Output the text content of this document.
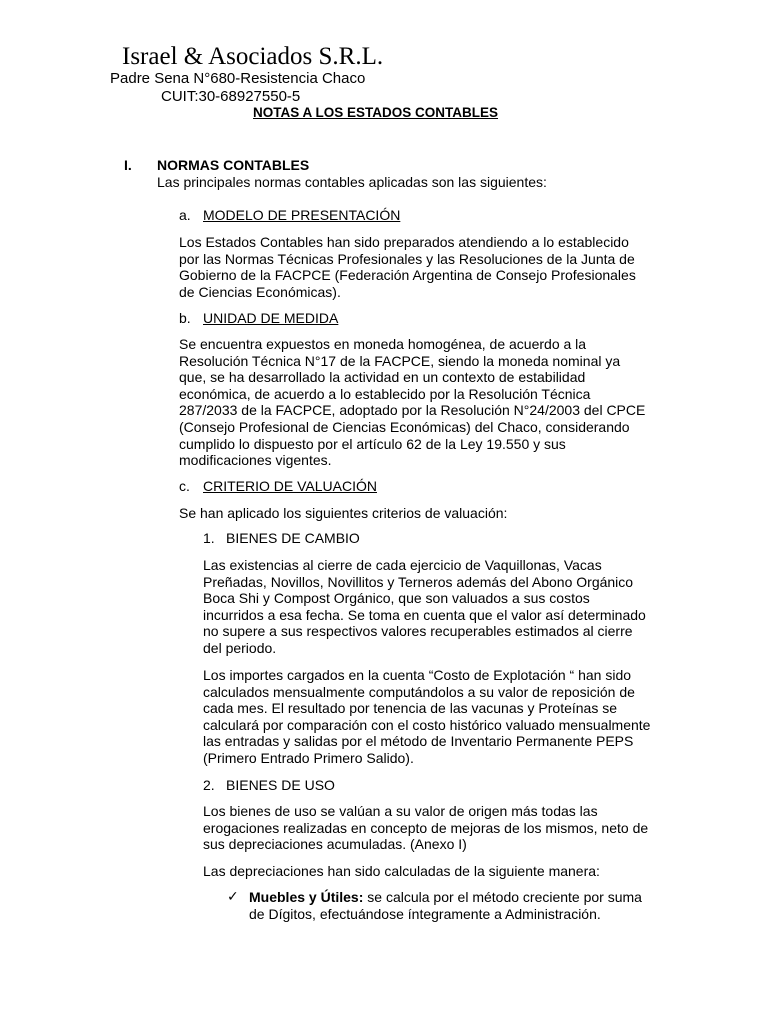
Israel & Asociados S.R.L.
Padre Sena N°680-Resistencia Chaco
CUIT:30-68927550-5
NOTAS A LOS ESTADOS CONTABLES
I. NORMAS CONTABLES
Las principales normas contables aplicadas son las siguientes:
a. MODELO DE PRESENTACIÓN

Los Estados Contables han sido preparados atendiendo a lo establecido

por las Normas Técnicas Profesionales y las Resoluciones de la Junta de

Gobierno de la FACPCE (Federación Argentina de Consejo Profesionales

de Ciencias Económicas).

b. UNIDAD DE MEDIDA

Se encuentra expuestos en moneda homogénea, de acuerdo a la

Resolución Técnica N°17 de la FACPCE, siendo la moneda nominal ya

que, se ha desarrollado la actividad en un contexto de estabilidad

económica, de acuerdo a lo establecido por la Resolución Técnica

287/2033 de la FACPCE, adoptado por la Resolución N°24/2003 del CPCE

(Consejo Profesional de Ciencias Económicas) del Chaco, considerando

cumplido lo dispuesto por el artículo 62 de la Ley 19.550 y sus

modificaciones vigentes.

c. CRITERIO DE VALUACIÓN
Se han aplicado los siguientes criterios de valuación:
1. BIENES DE CAMBIO

Las existencias al cierre de cada ejercicio de Vaquillonas, Vacas

Preñadas, Novillos, Novillitos y Terneros además del Abono Orgánico

Boca Shi y Compost Orgánico, que son valuados a sus costos

incurridos a esa fecha. Se toma en cuenta que el valor así determinado

no supere a sus respectivos valores recuperables estimados al cierre

del periodo.

Los importes cargados en la cuenta “Costo de Explotación “ han sido

calculados mensualmente computándolos a su valor de reposición de

cada mes. El resultado por tenencia de las vacunas y Proteínas se

calculará por comparación con el costo histórico valuado mensualmente

las entradas y salidas por el método de Inventario Permanente PEPS

(Primero Entrado Primero Salido).

2. BIENES DE USO

Los bienes de uso se valúan a su valor de origen más todas las

erogaciones realizadas en concepto de mejoras de los mismos, neto de

sus depreciaciones acumuladas. (Anexo I)

Las depreciaciones han sido calculadas de la siguiente manera:
✓ Muebles y Útiles: se calcula por el método creciente por suma

de Dígitos, efectuándose íntegramente a Administración.
